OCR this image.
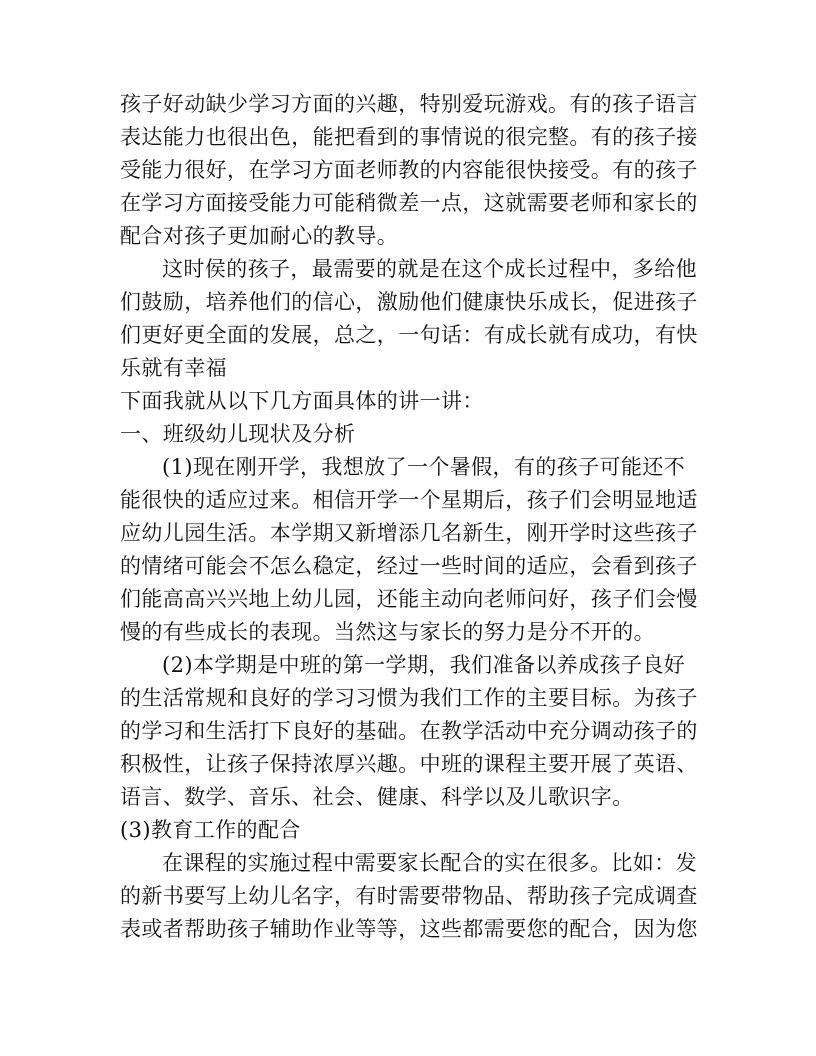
孩子好动缺少学习方面的兴趣，特别爱玩游戏。有的孩子语言
表达能力也很出色，能把看到的事情说的很完整。有的孩子接
受能力很好，在学习方面老师教的内容能很快接受。有的孩子
在学习方面接受能力可能稍微差一点，这就需要老师和家长的
配合对孩子更加耐心的教导。
这时侯的孩子，最需要的就是在这个成长过程中，多给他
们鼓励，培养他们的信心，激励他们健康快乐成长，促进孩子
们更好更全面的发展，总之，一句话：有成长就有成功，有快
乐就有幸福
下面我就从以下几方面具体的讲一讲：
一、班级幼儿现状及分析
(1)现在刚开学，我想放了一个暑假，有的孩子可能还不
能很快的适应过来。相信开学一个星期后，孩子们会明显地适
应幼儿园生活。本学期又新增添几名新生，刚开学时这些孩子
的情绪可能会不怎么稳定，经过一些时间的适应，会看到孩子
们能高高兴兴地上幼儿园，还能主动向老师问好，孩子们会慢
慢的有些成长的表现。当然这与家长的努力是分不开的。
(2)本学期是中班的第一学期，我们准备以养成孩子良好
的生活常规和良好的学习习惯为我们工作的主要目标。为孩子
的学习和生活打下良好的基础。在教学活动中充分调动孩子的
积极性，让孩子保持浓厚兴趣。中班的课程主要开展了英语、
语言、数学、音乐、社会、健康、科学以及儿歌识字。
(3)教育工作的配合
在课程的实施过程中需要家长配合的实在很多。比如：发
的新书要写上幼儿名字，有时需要带物品、帮助孩子完成调查
表或者帮助孩子辅助作业等等，这些都需要您的配合，因为您
